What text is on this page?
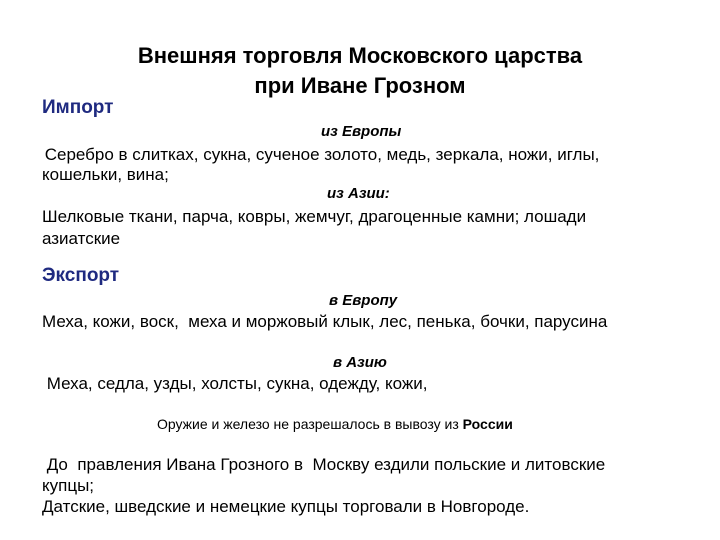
Внешняя торговля Московского царства
при Иване Грозном
Импорт
из Европы
Серебро в слитках, сукна, сученое золото, медь, зеркала, ножи, иглы,
кошельки, вина;
из Азии:
Шелковые ткани, парча, ковры, жемчуг, драгоценные камни; лошади
азиатские
Экспорт
в Европу
Меха, кожи, воск,  меха и моржовый клык, лес, пенька, бочки, парусина
в Азию
Меха, седла, узды, холсты, сукна, одежду, кожи,
Оружие и железо не разрешалось в вывозу из России
До  правления Ивана Грозного в  Москву ездили польские и литовские
купцы;
Датские, шведские и немецкие купцы торговали в Новгороде.
